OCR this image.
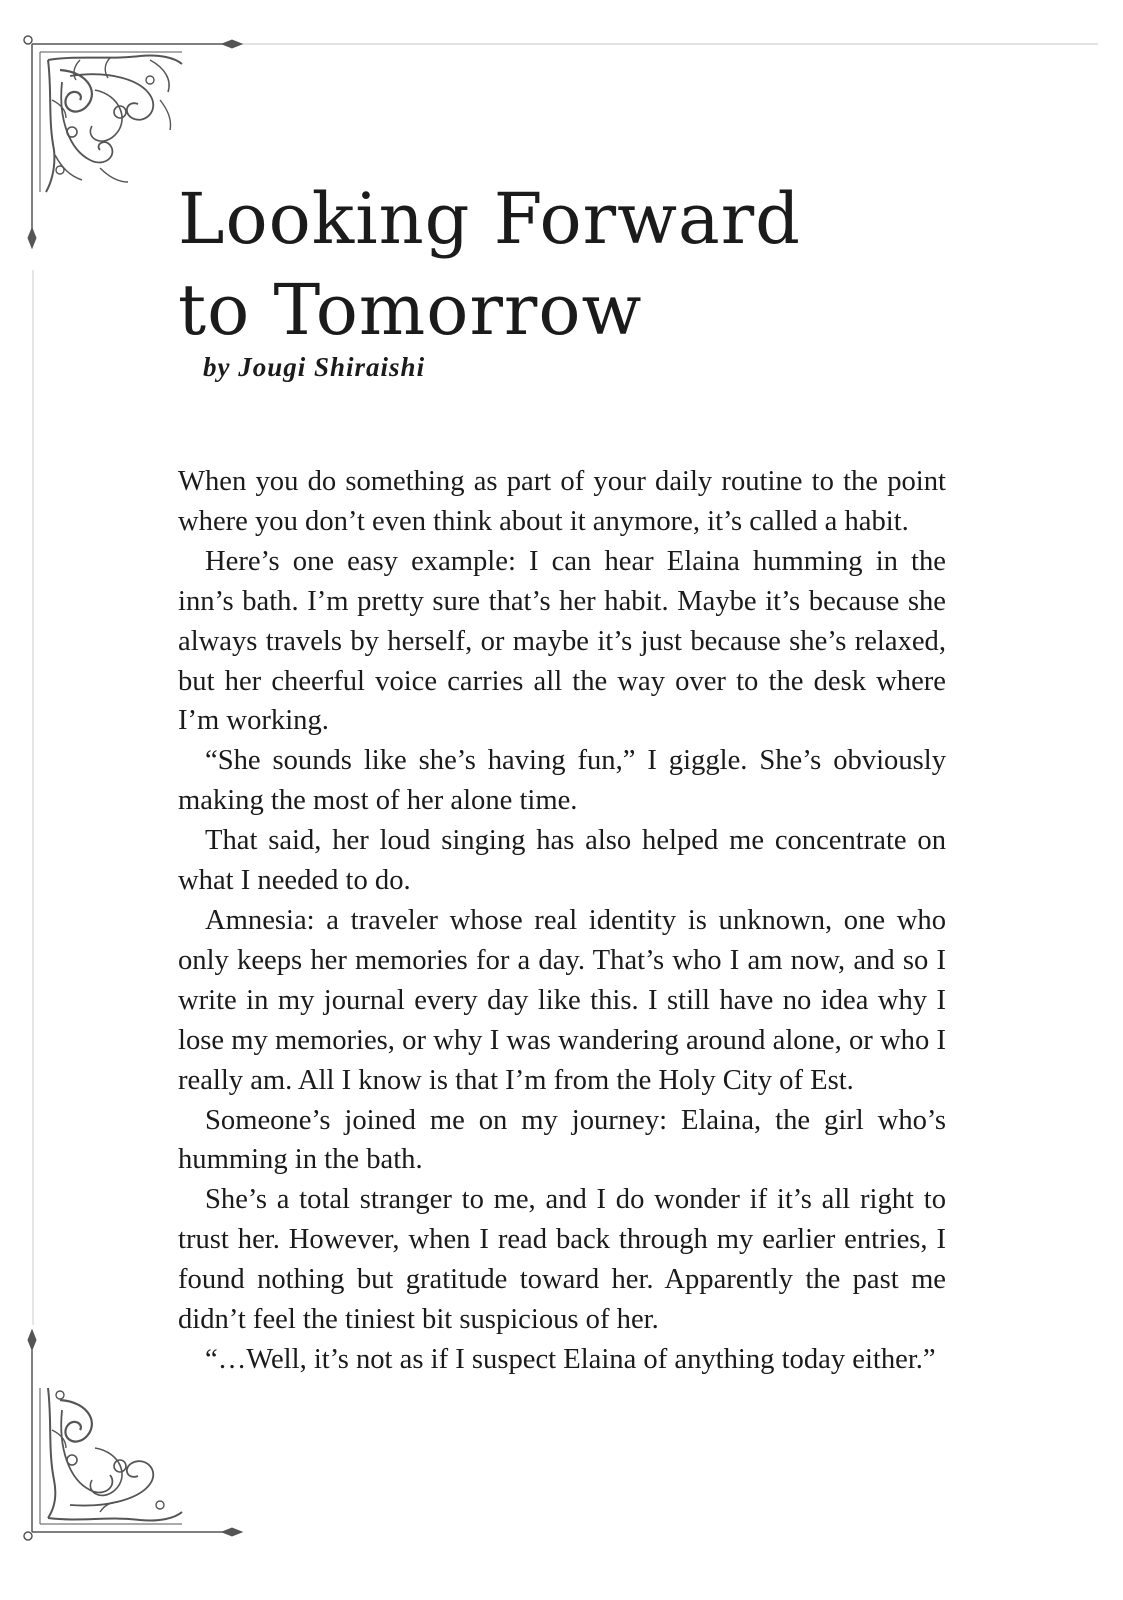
Looking Forward
to Tomorrow
by Jougi Shiraishi

When you do something as part of your daily routine to the point where you don’t even think about it anymore, it’s called a habit.

Here’s one easy example: I can hear Elaina humming in the inn’s bath. I’m pretty sure that’s her habit. Maybe it’s because she always travels by herself, or maybe it’s just because she’s relaxed, but her cheerful voice carries all the way over to the desk where I’m working.

“She sounds like she’s having fun,” I giggle. She’s obviously making the most of her alone time.

That said, her loud singing has also helped me concentrate on what I needed to do.

Amnesia: a traveler whose real identity is unknown, one who only keeps her memories for a day. That’s who I am now, and so I write in my journal every day like this. I still have no idea why I lose my memories, or why I was wandering around alone, or who I really am. All I know is that I’m from the Holy City of Est.

Someone’s joined me on my journey: Elaina, the girl who’s humming in the bath.

She’s a total stranger to me, and I do wonder if it’s all right to trust her. However, when I read back through my earlier entries, I found nothing but gratitude toward her. Apparently the past me didn’t feel the tiniest bit suspicious of her.

“…Well, it’s not as if I suspect Elaina of anything today either.”
